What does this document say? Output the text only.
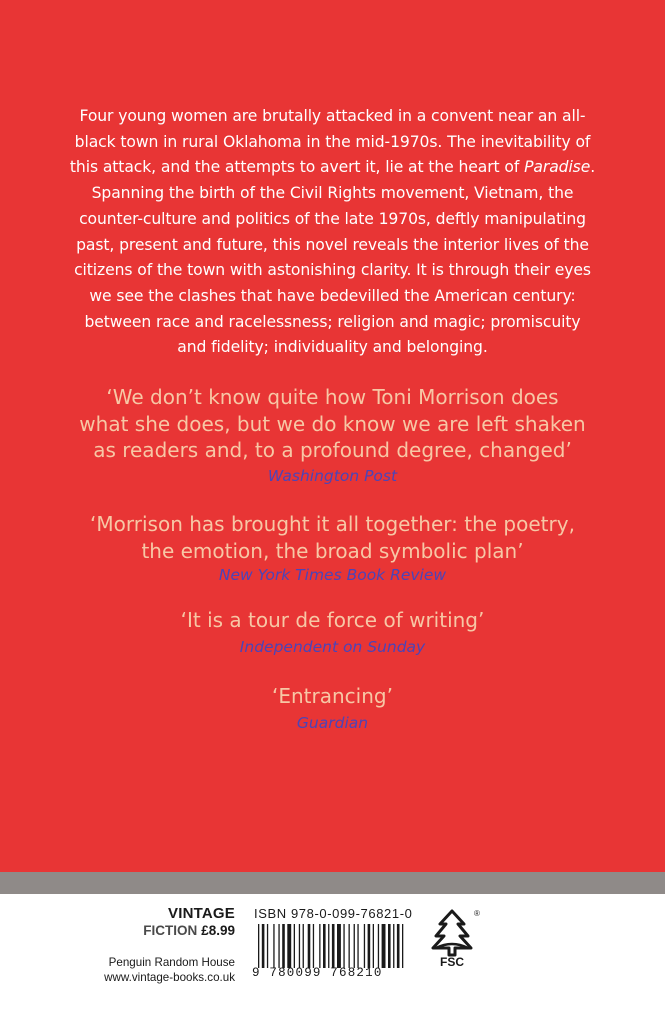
Four young women are brutally attacked in a convent near an all-black town in rural Oklahoma in the mid-1970s. The inevitability of this attack, and the attempts to avert it, lie at the heart of Paradise. Spanning the birth of the Civil Rights movement, Vietnam, the counter-culture and politics of the late 1970s, deftly manipulating past, present and future, this novel reveals the interior lives of the citizens of the town with astonishing clarity. It is through their eyes we see the clashes that have bedevilled the American century: between race and racelessness; religion and magic; promiscuity and fidelity; individuality and belonging.
‘We don’t know quite how Toni Morrison does
what she does, but we do know we are left shaken
as readers and, to a profound degree, changed’
Washington Post
‘Morrison has brought it all together: the poetry,
the emotion, the broad symbolic plan’
New York Times Book Review
‘It is a tour de force of writing’
Independent on Sunday
‘Entrancing’
Guardian
VINTAGE
FICTION £8.99
Penguin Random House
www.vintage-books.co.uk
ISBN 978-0-099-76821-0
9 780099 768210
®
FSC
